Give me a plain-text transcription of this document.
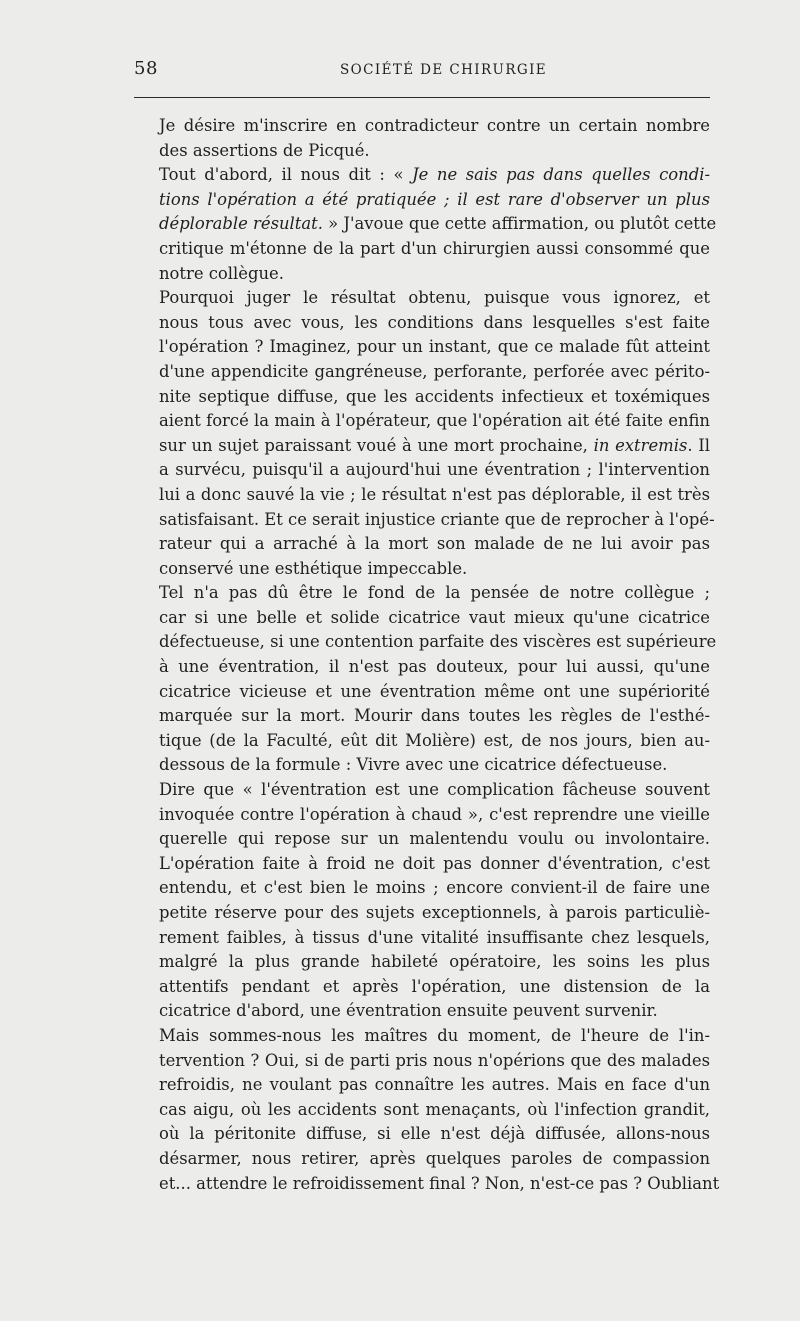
58	SOCIÉTÉ DE CHIRURGIE

Je désire m'inscrire en contradicteur contre un certain nombre
des assertions de Picqué.

Tout d'abord, il nous dit : « Je ne sais pas dans quelles condi-
tions l'opération a été pratiquée ; il est rare d'observer un plus
déplorable résultat. » J'avoue que cette affirmation, ou plutôt cette
critique m'étonne de la part d'un chirurgien aussi consommé que
notre collègue.

Pourquoi juger le résultat obtenu, puisque vous ignorez, et
nous tous avec vous, les conditions dans lesquelles s'est faite
l'opération ? Imaginez, pour un instant, que ce malade fût atteint
d'une appendicite gangréneuse, perforante, perforée avec périto-
nite septique diffuse, que les accidents infectieux et toxémiques
aient forcé la main à l'opérateur, que l'opération ait été faite enfin
sur un sujet paraissant voué à une mort prochaine, in extremis. Il
a survécu, puisqu'il a aujourd'hui une éventration ; l'intervention
lui a donc sauvé la vie ; le résultat n'est pas déplorable, il est très
satisfaisant. Et ce serait injustice criante que de reprocher à l'opé-
rateur qui a arraché à la mort son malade de ne lui avoir pas
conservé une esthétique impeccable.

Tel n'a pas dû être le fond de la pensée de notre collègue ;
car si une belle et solide cicatrice vaut mieux qu'une cicatrice
défectueuse, si une contention parfaite des viscères est supérieure
à une éventration, il n'est pas douteux, pour lui aussi, qu'une
cicatrice vicieuse et une éventration même ont une supériorité
marquée sur la mort. Mourir dans toutes les règles de l'esthé-
tique (de la Faculté, eût dit Molière) est, de nos jours, bien au-
dessous de la formule : Vivre avec une cicatrice défectueuse.

Dire que « l'éventration est une complication fâcheuse souvent
invoquée contre l'opération à chaud », c'est reprendre une vieille
querelle qui repose sur un malentendu voulu ou involontaire.
L'opération faite à froid ne doit pas donner d'éventration, c'est
entendu, et c'est bien le moins ; encore convient-il de faire une
petite réserve pour des sujets exceptionnels, à parois particuliè-
rement faibles, à tissus d'une vitalité insuffisante chez lesquels,
malgré la plus grande habileté opératoire, les soins les plus
attentifs pendant et après l'opération, une distension de la
cicatrice d'abord, une éventration ensuite peuvent survenir.

Mais sommes-nous les maîtres du moment, de l'heure de l'in-
tervention ? Oui, si de parti pris nous n'opérions que des malades
refroidis, ne voulant pas connaître les autres. Mais en face d'un
cas aigu, où les accidents sont menaçants, où l'infection grandit,
où la péritonite diffuse, si elle n'est déjà diffusée, allons-nous
désarmer, nous retirer, après quelques paroles de compassion
et... attendre le refroidissement final ? Non, n'est-ce pas ? Oubliant
